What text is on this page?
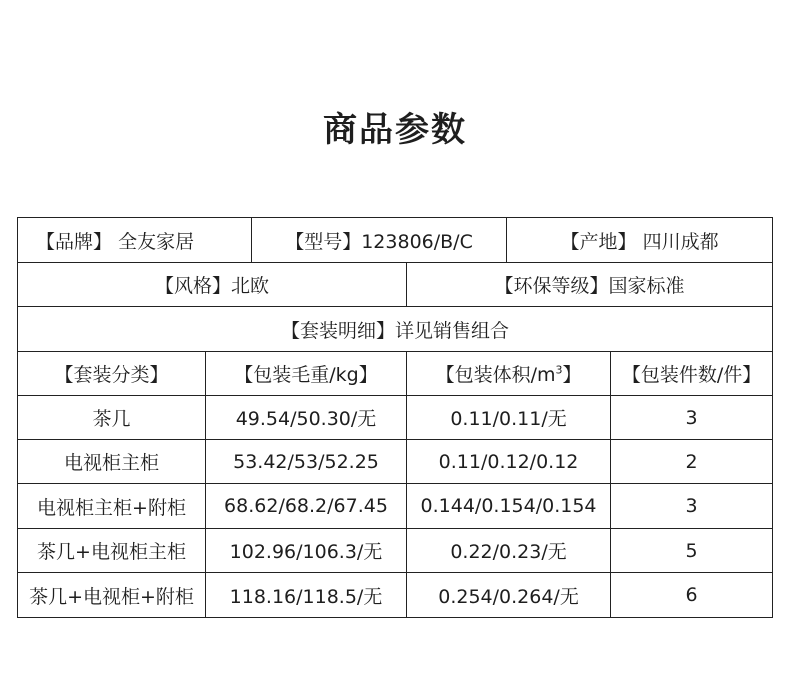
商品参数
【品牌】 全友家居		【型号】123806/B/C		【产地】 四川成都	
【风格】北欧			【环保等级】国家标准		
【套装明细】详见销售组合					
【套装分类】	【包装毛重/kg】		【包装体积$/m^3$】		【包装件数/件】
茶几	49.54/50.30/无		0.11/0.11/无		3
电视柜主柜	53.42/53/52.25		0.11/0.12/0.12		2
电视柜主柜+附柜	68.62/68.2/67.45		0.144/0.154/0.154		3
茶几+电视柜主柜	102.96/106.3/无		0.22/0.23/无		5
茶几+电视柜+附柜	118.16/118.5/无		0.254/0.264/无		6
